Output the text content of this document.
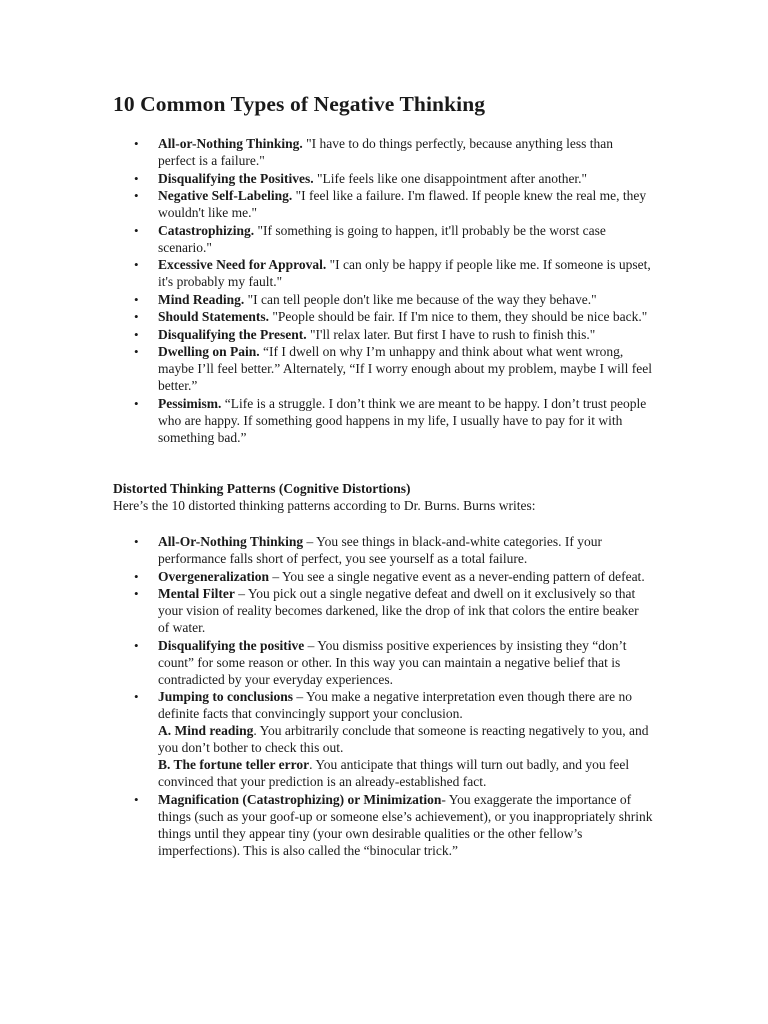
10 Common Types of Negative Thinking
• All-or-Nothing Thinking. "I have to do things perfectly, because anything less than perfect is a failure."
• Disqualifying the Positives. "Life feels like one disappointment after another."
• Negative Self-Labeling. "I feel like a failure. I'm flawed. If people knew the real me, they wouldn't like me."
• Catastrophizing. "If something is going to happen, it'll probably be the worst case scenario."
• Excessive Need for Approval. "I can only be happy if people like me. If someone is upset, it's probably my fault."
• Mind Reading. "I can tell people don't like me because of the way they behave."
• Should Statements. "People should be fair. If I'm nice to them, they should be nice back."
• Disqualifying the Present. "I'll relax later. But first I have to rush to finish this."
• Dwelling on Pain. “If I dwell on why I’m unhappy and think about what went wrong, maybe I’ll feel better.” Alternately, “If I worry enough about my problem, maybe I will feel better.”
• Pessimism. “Life is a struggle. I don’t think we are meant to be happy. I don’t trust people who are happy. If something good happens in my life, I usually have to pay for it with something bad.”

Distorted Thinking Patterns (Cognitive Distortions)

Here’s the 10 distorted thinking patterns according to Dr. Burns. Burns writes:

• All-Or-Nothing Thinking – You see things in black-and-white categories. If your performance falls short of perfect, you see yourself as a total failure.
• Overgeneralization – You see a single negative event as a never-ending pattern of defeat.
• Mental Filter – You pick out a single negative defeat and dwell on it exclusively so that your vision of reality becomes darkened, like the drop of ink that colors the entire beaker of water.
• Disqualifying the positive – You dismiss positive experiences by insisting they “don’t count” for some reason or other. In this way you can maintain a negative belief that is contradicted by your everyday experiences.
• Jumping to conclusions – You make a negative interpretation even though there are no definite facts that convincingly support your conclusion.
A. Mind reading. You arbitrarily conclude that someone is reacting negatively to you, and you don’t bother to check this out.
B. The fortune teller error. You anticipate that things will turn out badly, and you feel convinced that your prediction is an already-established fact.
• Magnification (Catastrophizing) or Minimization- You exaggerate the importance of things (such as your goof-up or someone else’s achievement), or you inappropriately shrink things until they appear tiny (your own desirable qualities or the other fellow’s imperfections). This is also called the “binocular trick.”
